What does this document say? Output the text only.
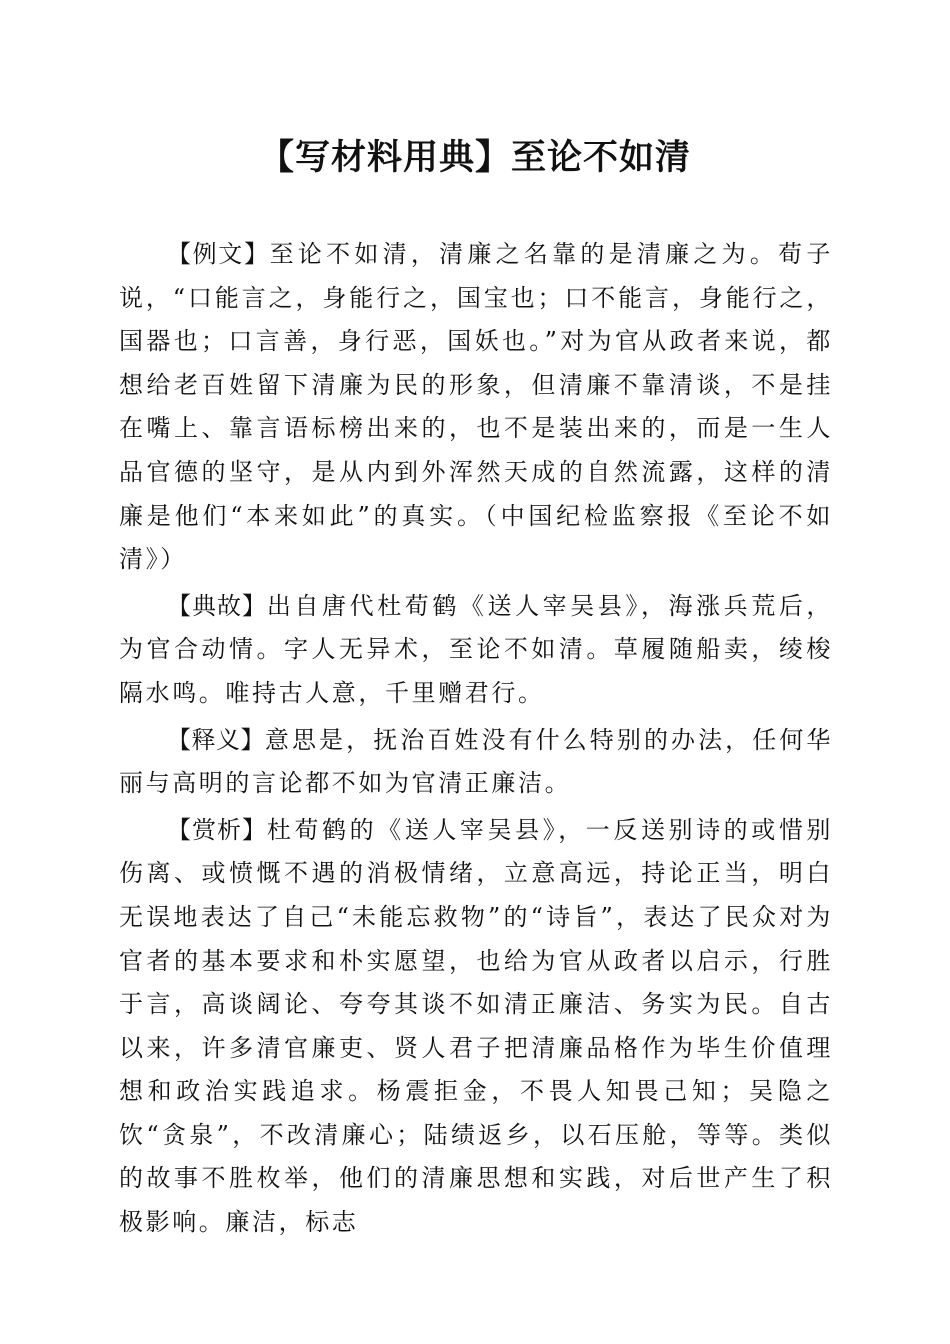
【写材料用典】至论不如清

【例文】至论不如清，清廉之名靠的是清廉之为。荀子说，“口能言之，身能行之，国宝也；口不能言，身能行之，国器也；口言善，身行恶，国妖也。”对为官从政者来说，都想给老百姓留下清廉为民的形象，但清廉不靠清谈，不是挂在嘴上、靠言语标榜出来的，也不是装出来的，而是一生人品官德的坚守，是从内到外浑然天成的自然流露，这样的清廉是他们“本来如此”的真实。（中国纪检监察报《至论不如清》）

【典故】出自唐代杜荀鹤《送人宰吴县》，海涨兵荒后，为官合动情。字人无异术，至论不如清。草履随船卖，绫梭隔水鸣。唯持古人意，千里赠君行。

【释义】意思是，抚治百姓没有什么特别的办法，任何华丽与高明的言论都不如为官清正廉洁。

【赏析】杜荀鹤的《送人宰吴县》，一反送别诗的或惜别伤离、或愤慨不遇的消极情绪，立意高远，持论正当，明白无误地表达了自己“未能忘救物”的“诗旨”，表达了民众对为官者的基本要求和朴实愿望，也给为官从政者以启示，行胜于言，高谈阔论、夸夸其谈不如清正廉洁、务实为民。自古以来，许多清官廉吏、贤人君子把清廉品格作为毕生价值理想和政治实践追求。杨震拒金，不畏人知畏己知；吴隐之饮“贪泉”，不改清廉心；陆绩返乡，以石压舱，等等。类似的故事不胜枚举，他们的清廉思想和实践，对后世产生了积极影响。廉洁，标志
